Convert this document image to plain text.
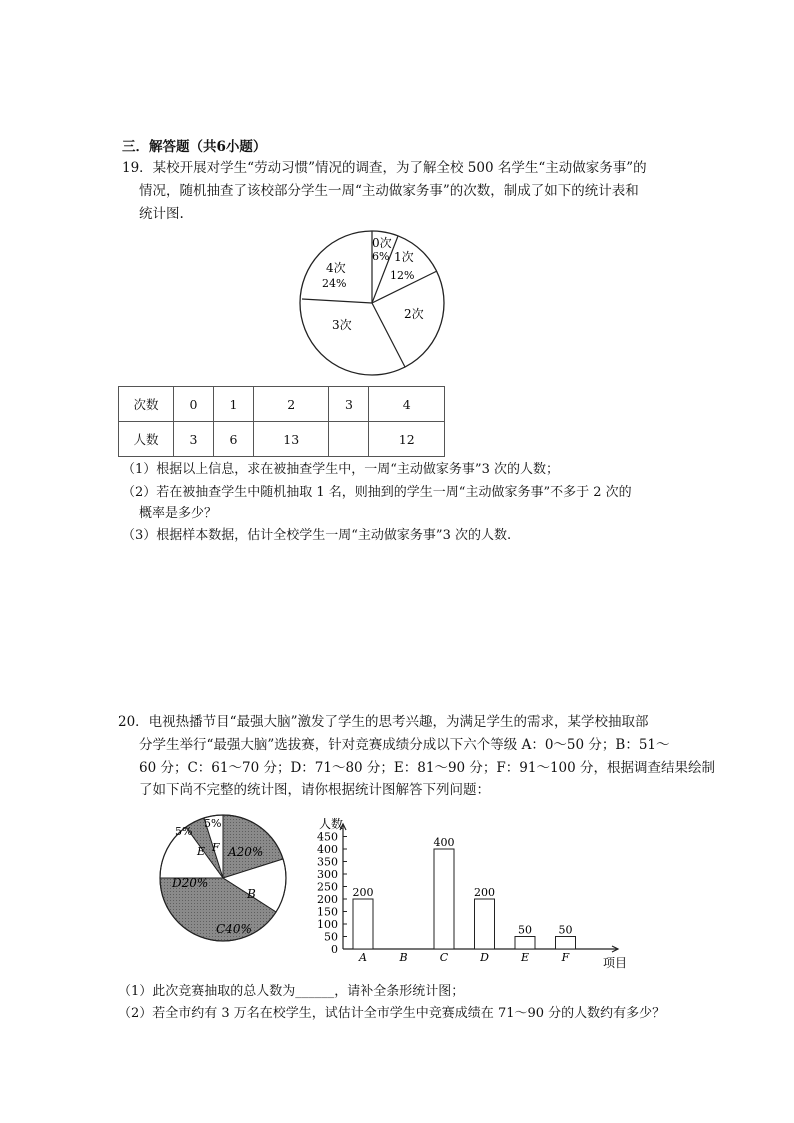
三．解答题（共6小题）
19．某校开展对学生“劳动习惯”情况的调查，为了解全校 500 名学生“主动做家务事”的
情况，随机抽查了该校部分学生一周“主动做家务事”的次数，制成了如下的统计表和
统计图.
0次
6% 1次
12%
2次
3次
4次
24%
次数	0	1	2	3	4
人数	3	6	13		12
（1）根据以上信息，求在被抽查学生中，一周“主动做家务事”3 次的人数；
（2）若在被抽查学生中随机抽取 1 名，则抽到的学生一周“主动做家务事”不多于 2 次的
概率是多少？
（3）根据样本数据，估计全校学生一周“主动做家务事”3 次的人数.
20．电视热播节目“最强大脑”激发了学生的思考兴趣，为满足学生的需求，某学校抽取部
分学生举行“最强大脑”选拔赛，针对竞赛成绩分成以下六个等级 A：0～50 分；B：51～
60 分；C：61～70 分；D：71～80 分；E：81～90 分；F：91～100 分，根据调查结果绘制
了如下尚不完整的统计图，请你根据统计图解答下列问题：
A20%
B
C40%
D20%
E F
5%
5%	人数
项目
0
50
100
150
200
250
300
350
400
450
200
A	B
400
C
200
D
50
E
50
F
（1）此次竞赛抽取的总人数为______，请补全条形统计图；
（2）若全市约有 3 万名在校学生，试估计全市学生中竞赛成绩在 71～90 分的人数约有多少？
